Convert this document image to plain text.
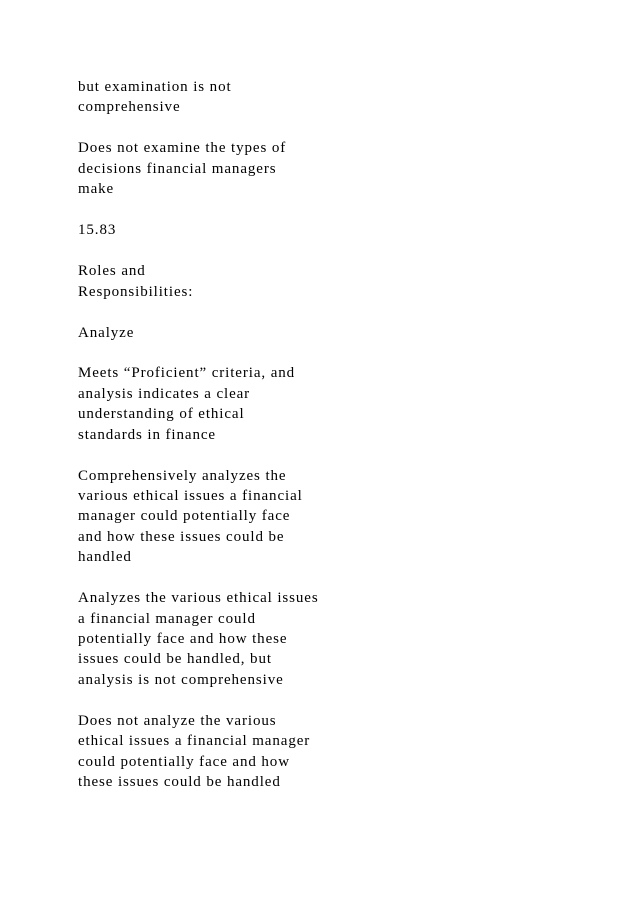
but examination is not
comprehensive
Does not examine the types of
decisions financial managers
make
15.83
Roles and
Responsibilities:
Analyze
Meets “Proficient” criteria, and
analysis indicates a clear
understanding of ethical
standards in finance
Comprehensively analyzes the
various ethical issues a financial
manager could potentially face
and how these issues could be
handled
Analyzes the various ethical issues
a financial manager could
potentially face and how these
issues could be handled, but
analysis is not comprehensive
Does not analyze the various
ethical issues a financial manager
could potentially face and how
these issues could be handled
